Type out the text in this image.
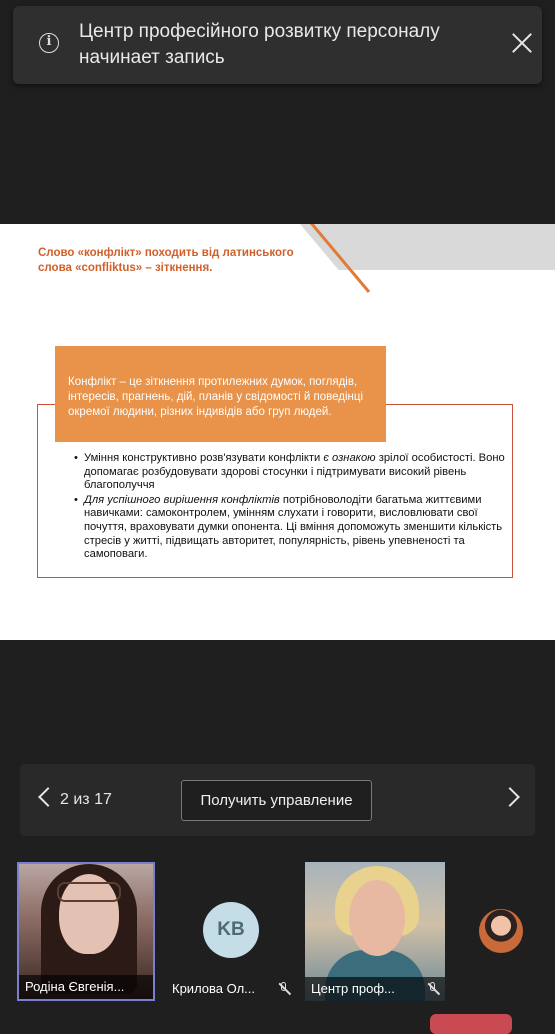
i	Центр професійного розвитку персоналу начинает запись
Слово «конфлікт» походить від латинського слова «confliktus» – зіткнення.
Конфлікт – це зіткнення протилежних думок, поглядів, інтересів, прагнень, дій, планів у свідомості й поведінці окремої людини, різних індивідів або груп людей.
• Уміння конструктивно розв'язувати конфлікти є ознакою зрілої особистості. Воно допомагає розбудовувати здорові стосунки і підтримувати високий рівень благополуччя
• Для успішного вирішення конфліктів потрібноволодіти багатьма життєвими навичками: самоконтролем, умінням слухати і говорити, висловлювати свої почуття, враховувати думки опонента. Ці вміння допоможуть зменшити кількість стресів у житті, підвищать авторитет, популярність, рівень упевненості та самоповаги.
2 из 17	Получить управление
Родіна Євгенія...
KB
Крилова Ол...	Центр проф...
